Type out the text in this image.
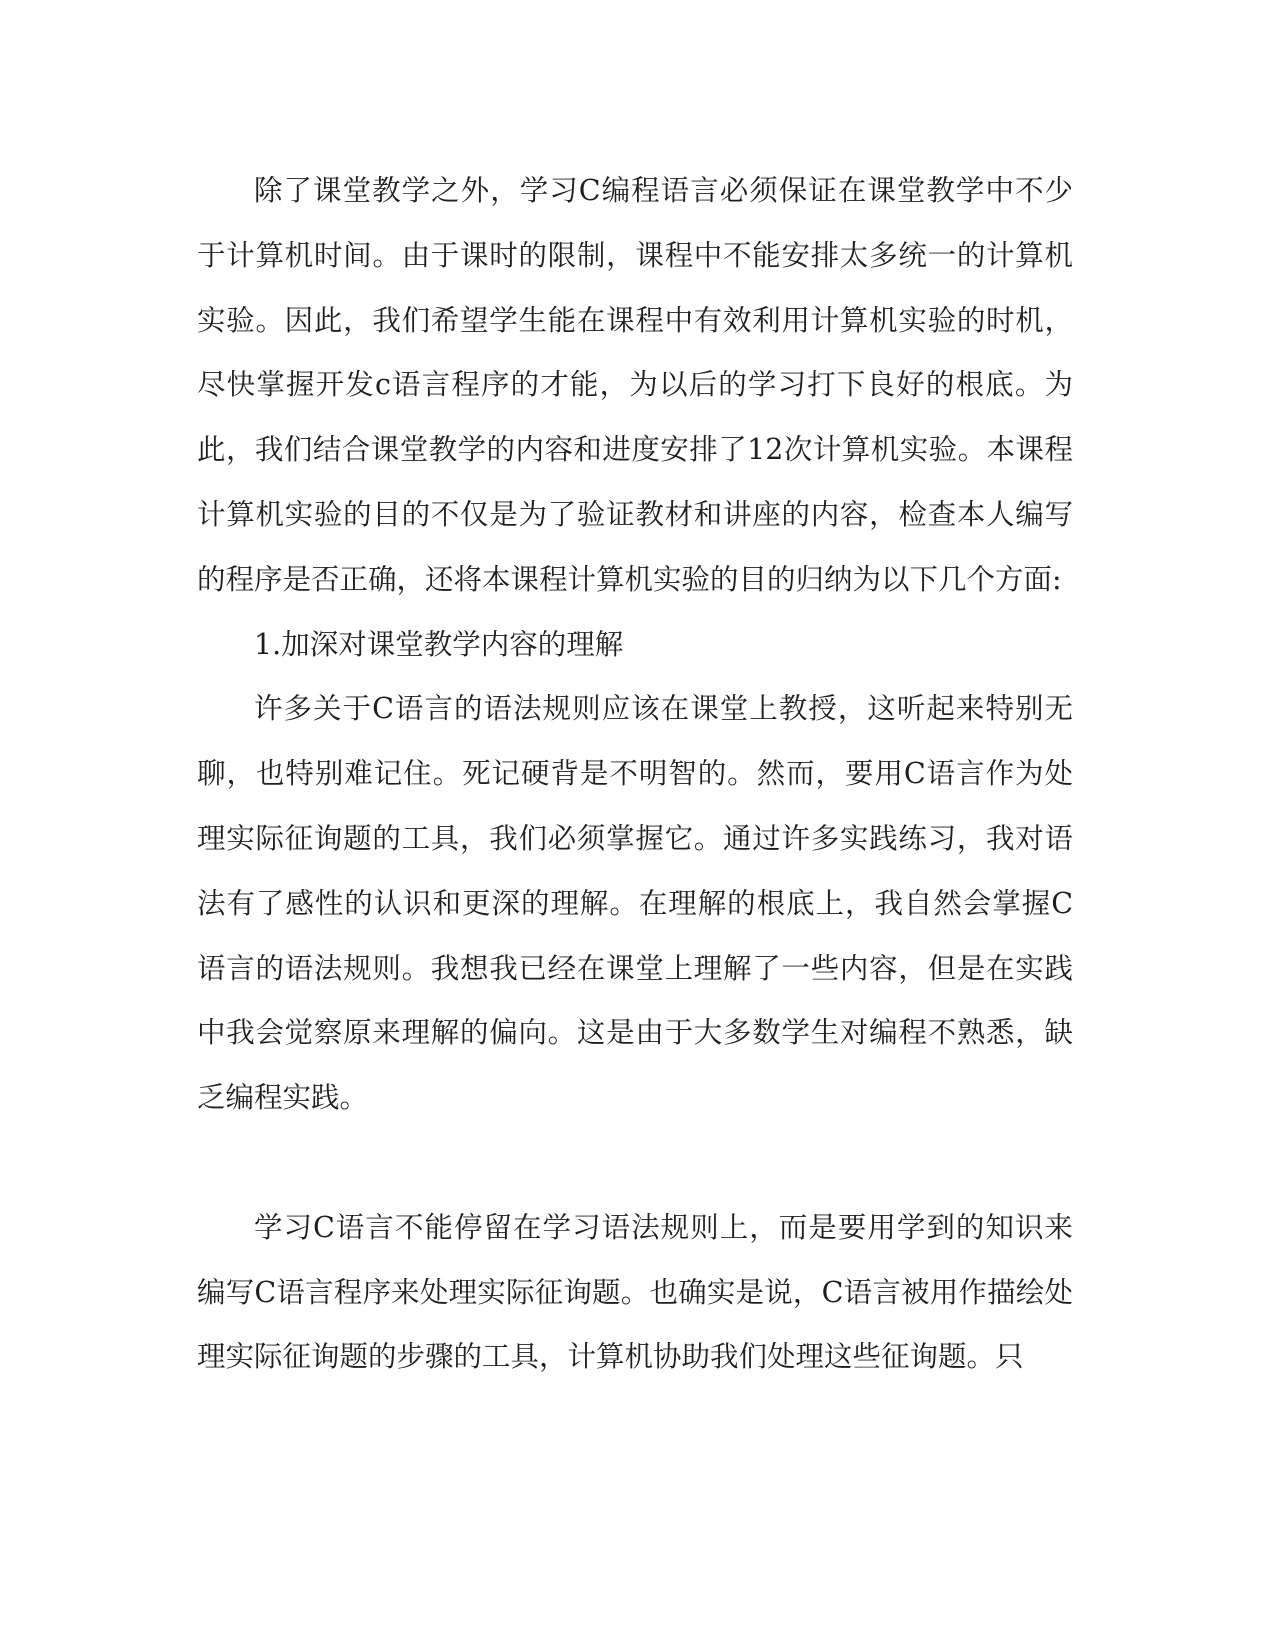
除了课堂教学之外，学习C编程语言必须保证在课堂教学中不少于计算机时间。由于课时的限制，课程中不能安排太多统一的计算机实验。因此，我们希望学生能在课程中有效利用计算机实验的时机，尽快掌握开发c语言程序的才能，为以后的学习打下良好的根底。为此，我们结合课堂教学的内容和进度安排了12次计算机实验。本课程计算机实验的目的不仅是为了验证教材和讲座的内容，检查本人编写的程序是否正确，还将本课程计算机实验的目的归纳为以下几个方面:

1.加深对课堂教学内容的理解

许多关于C语言的语法规则应该在课堂上教授，这听起来特别无聊，也特别难记住。死记硬背是不明智的。然而，要用C语言作为处理实际征询题的工具，我们必须掌握它。通过许多实践练习，我对语法有了感性的认识和更深的理解。在理解的根底上，我自然会掌握C语言的语法规则。我想我已经在课堂上理解了一些内容，但是在实践中我会觉察原来理解的偏向。这是由于大多数学生对编程不熟悉，缺乏编程实践。

学习C语言不能停留在学习语法规则上，而是要用学到的知识来编写C语言程序来处理实际征询题。也确实是说，C语言被用作描绘处理实际征询题的步骤的工具，计算机协助我们处理这些征询题。只
